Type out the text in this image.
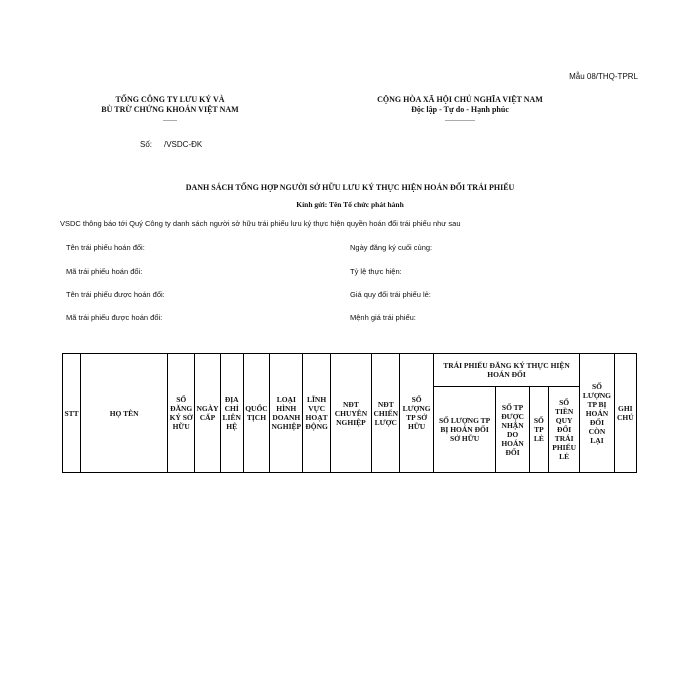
Mẫu 08/THQ-TPRL
TỔNG CÔNG TY LƯU KÝ VÀ
BÙ TRỪ CHỨNG KHOÁN VIỆT NAM
-------
CỘNG HÒA XÃ HỘI CHỦ NGHĨA VIỆT NAM
Độc lập - Tự do - Hạnh phúc
---------------
Số: /VSDC-ĐK
DANH SÁCH TỔNG HỢP NGƯỜI SỞ HỮU LƯU KÝ THỰC HIỆN HOÁN ĐỔI TRÁI PHIẾU
Kính gửi: Tên Tổ chức phát hành
VSDC thông báo tới Quý Công ty danh sách người sở hữu trái phiếu lưu ký thực hiện quyền hoán đổi trái phiếu như sau
Tên trái phiếu hoán đổi:
Mã trái phiếu hoán đổi:
Tên trái phiếu được hoán đổi:
Mã trái phiếu được hoán đổi:
Ngày đăng ký cuối cùng:
Tỷ lệ thực hiện:
Giá quy đổi trái phiếu lẻ:
Mệnh giá trái phiếu:
STT	HỌ TÊN	SỐ ĐĂNG KÝ SỞ HỮU	NGÀY CẤP	ĐỊA CHỈ LIÊN HỆ	QUỐC TỊCH	LOẠI HÌNH DOANH NGHIỆP	LĨNH VỰC HOẠT ĐỘNG	NĐT CHUYÊN NGHIỆP	NĐT CHIẾN LƯỢC	SỐ LƯỢNG TP SỞ HỮU	TRÁI PHIẾU ĐĂNG KÝ THỰC HIỆN HOÁN ĐỔI				SỐ LƯỢNG TP BỊ HOÁN ĐỔI CÒN LẠI	GHI CHÚ
											SỐ LƯỢNG TP BỊ HOÁN ĐỔI SỞ HỮU	SỐ TP ĐƯỢC NHẬN DO HOÁN ĐỔI	SỐ TP LẺ	SỐ TIỀN QUY ĐỔI TRÁI PHIẾU LẺ		
